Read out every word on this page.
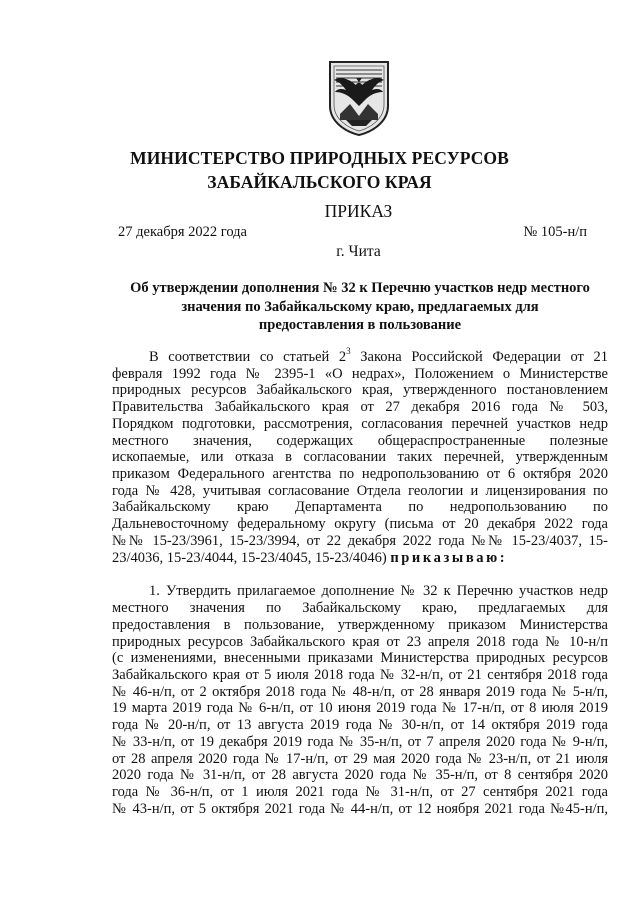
МИНИСТЕРСТВО ПРИРОДНЫХ РЕСУРСОВ
ЗАБАЙКАЛЬСКОГО КРАЯ
ПРИКАЗ
27 декабря 2022 года	№ 105-н/п
г. Чита
Об утверждении дополнения № 32 к Перечню участков недр местного
значения по Забайкальскому краю, предлагаемых для
предоставления в пользование
В соответствии со статьей $2^3$ Закона Российской Федерации от 21
февраля 1992 года № 2395-1 «О недрах», Положением о Министерстве
природных ресурсов Забайкальского края, утвержденного постановлением
Правительства Забайкальского края от 27 декабря 2016 года № 503,
Порядком подготовки, рассмотрения, согласования перечней участков недр
местного значения, содержащих общераспространенные полезные
ископаемые, или отказа в согласовании таких перечней, утвержденным
приказом Федерального агентства по недропользованию от 6 октября 2020
года № 428, учитывая согласование Отдела геологии и лицензирования по
Забайкальскому краю Департамента по недропользованию по
Дальневосточному федеральному округу (письма от 20 декабря 2022 года
№№ 15-23/3961, 15-23/3994, от 22 декабря 2022 года №№ 15-23/4037, 15-
23/4036, 15-23/4044, 15-23/4045, 15-23/4046) приказываю:
1. Утвердить прилагаемое дополнение № 32 к Перечню участков недр
местного значения по Забайкальскому краю, предлагаемых для
предоставления в пользование, утвержденному приказом Министерства
природных ресурсов Забайкальского края от 23 апреля 2018 года № 10-н/п
(с изменениями, внесенными приказами Министерства природных ресурсов
Забайкальского края от 5 июля 2018 года № 32-н/п, от 21 сентября 2018 года
№ 46-н/п, от 2 октября 2018 года № 48-н/п, от 28 января 2019 года № 5-н/п,
19 марта 2019 года № 6-н/п, от 10 июня 2019 года № 17-н/п, от 8 июля 2019
года № 20-н/п, от 13 августа 2019 года № 30-н/п, от 14 октября 2019 года
№ 33-н/п, от 19 декабря 2019 года № 35-н/п, от 7 апреля 2020 года № 9-н/п,
от 28 апреля 2020 года № 17-н/п, от 29 мая 2020 года № 23-н/п, от 21 июля
2020 года № 31-н/п, от 28 августа 2020 года № 35-н/п, от 8 сентября 2020
года № 36-н/п, от 1 июля 2021 года № 31-н/п, от 27 сентября 2021 года
№ 43-н/п, от 5 октября 2021 года № 44-н/п, от 12 ноября 2021 года №45-н/п,
